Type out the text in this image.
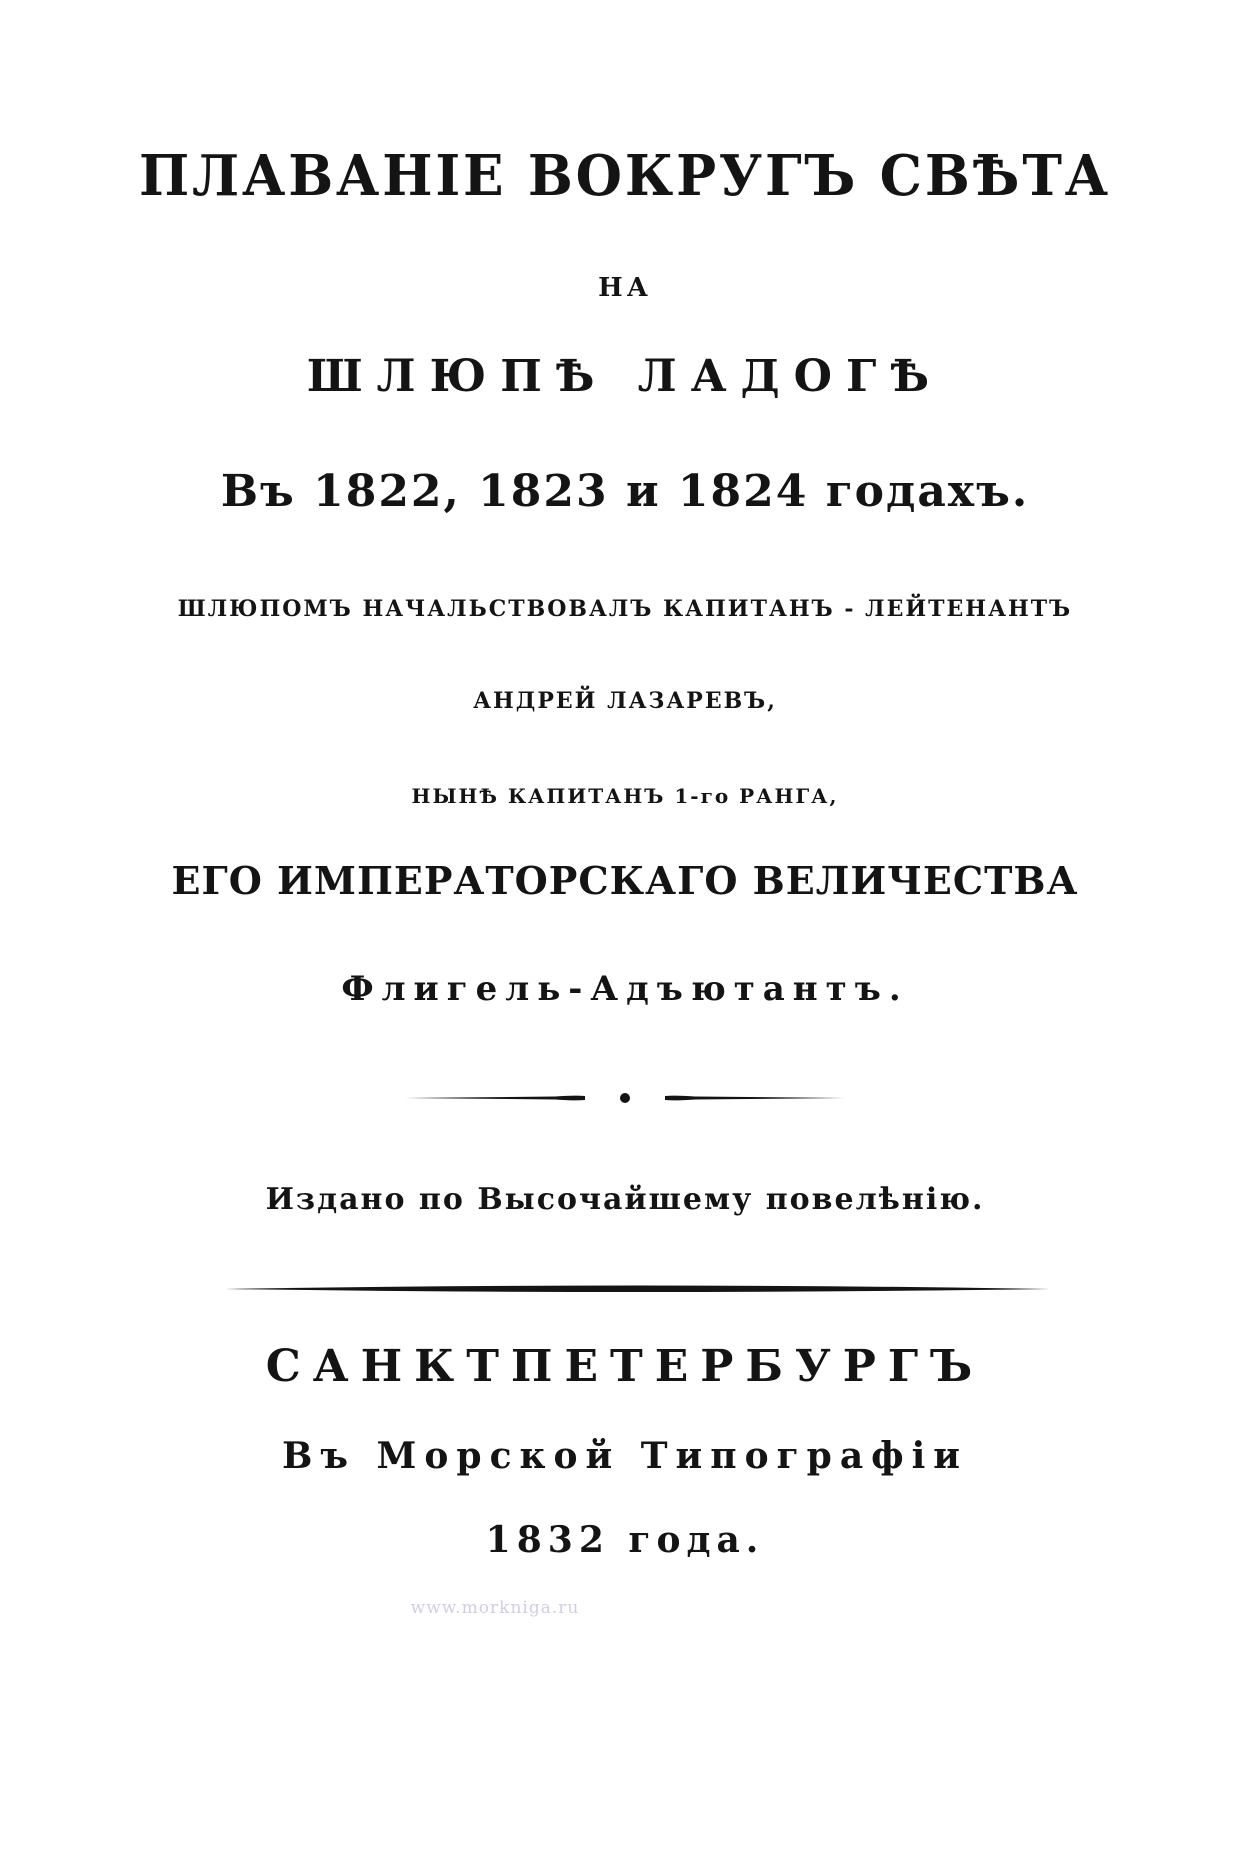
ПЛАВАНІЕ ВОКРУГЪ СВѢТА
НА
ШЛЮПѢ ЛАДОГѢ
Въ 1822, 1823 и 1824 годахъ.
ШЛЮПОМЪ НАЧАЛЬСТВОВАЛЪ КАПИТАНЪ - ЛЕЙТЕНАНТЪ
АНДРЕЙ ЛАЗАРЕВЪ,
НЫНѢ КАПИТАНЪ 1-го РАНГА,
ЕГО ИМПЕРАТОРСКАГО ВЕЛИЧЕСТВА
Флигель-Адъютантъ.
Издано по Высочайшему повелѣнію.
САНКТПЕТЕРБУРГЪ
Въ Морской Типографіи
1832 года.
www.morkniga.ru
